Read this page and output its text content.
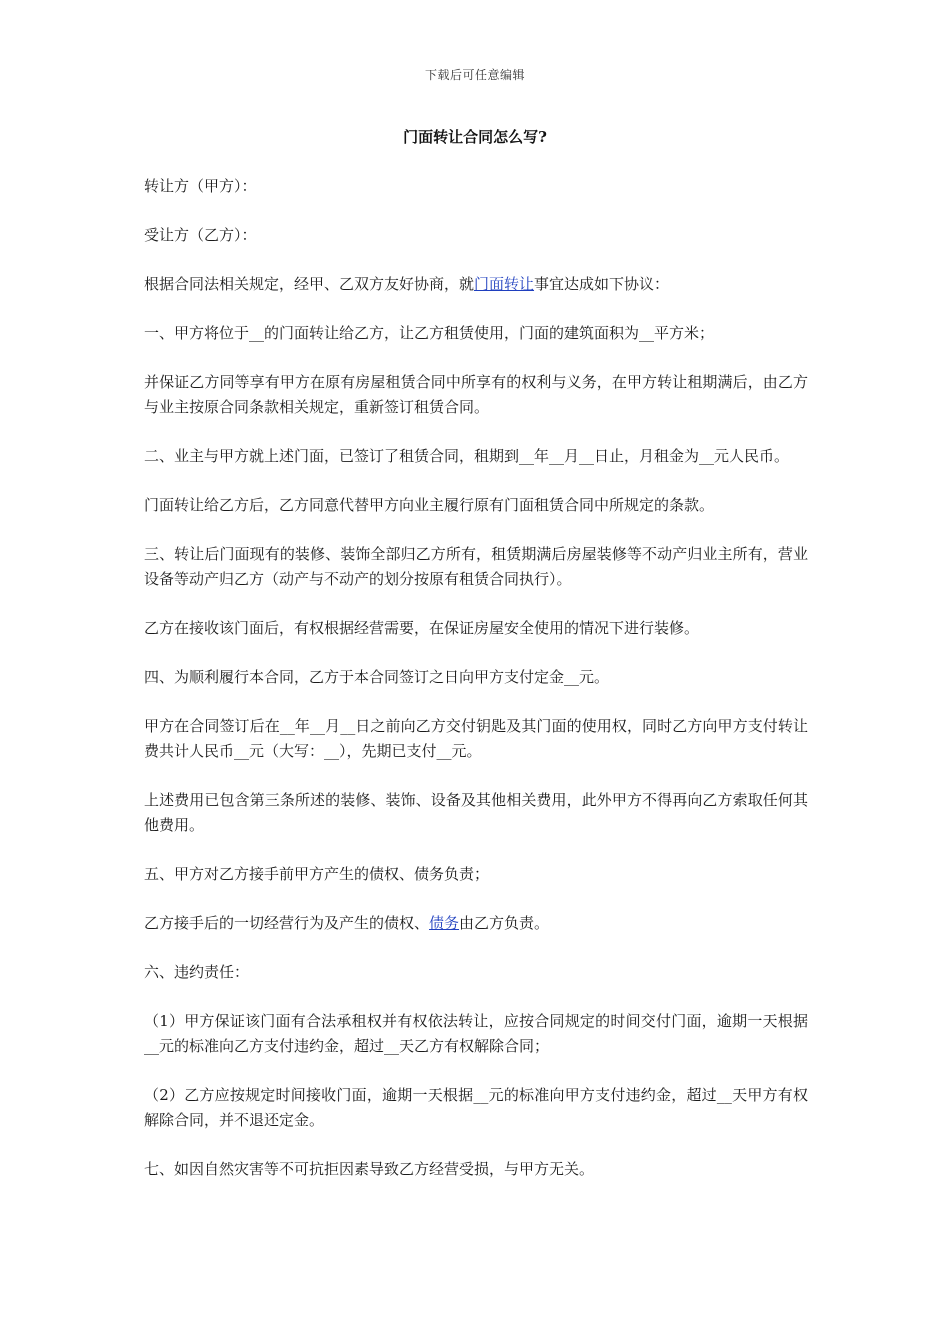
下载后可任意编辑
门面转让合同怎么写?

转让方（甲方）：

受让方（乙方）：

根据合同法相关规定，经甲、乙双方友好协商，就门面转让事宜达成如下协议：

一、甲方将位于__的门面转让给乙方，让乙方租赁使用，门面的建筑面积为__平方米；

并保证乙方同等享有甲方在原有房屋租赁合同中所享有的权利与义务，在甲方转让租期满后，由乙方与业主按原合同条款相关规定，重新签订租赁合同。

二、业主与甲方就上述门面，已签订了租赁合同，租期到__年__月__日止，月租金为__元人民币。

门面转让给乙方后，乙方同意代替甲方向业主履行原有门面租赁合同中所规定的条款。

三、转让后门面现有的装修、装饰全部归乙方所有，租赁期满后房屋装修等不动产归业主所有，营业设备等动产归乙方（动产与不动产的划分按原有租赁合同执行）。

乙方在接收该门面后，有权根据经营需要，在保证房屋安全使用的情况下进行装修。

四、为顺利履行本合同，乙方于本合同签订之日向甲方支付定金__元。

甲方在合同签订后在__年__月__日之前向乙方交付钥匙及其门面的使用权，同时乙方向甲方支付转让费共计人民币__元（大写：__），先期已支付__元。

上述费用已包含第三条所述的装修、装饰、设备及其他相关费用，此外甲方不得再向乙方索取任何其他费用。

五、甲方对乙方接手前甲方产生的债权、债务负责；

乙方接手后的一切经营行为及产生的债权、债务由乙方负责。

六、违约责任：

（1）甲方保证该门面有合法承租权并有权依法转让，应按合同规定的时间交付门面，逾期一天根据__元的标准向乙方支付违约金，超过__天乙方有权解除合同；

（2）乙方应按规定时间接收门面，逾期一天根据__元的标准向甲方支付违约金，超过__天甲方有权解除合同，并不退还定金。

七、如因自然灾害等不可抗拒因素导致乙方经营受损，与甲方无关。
